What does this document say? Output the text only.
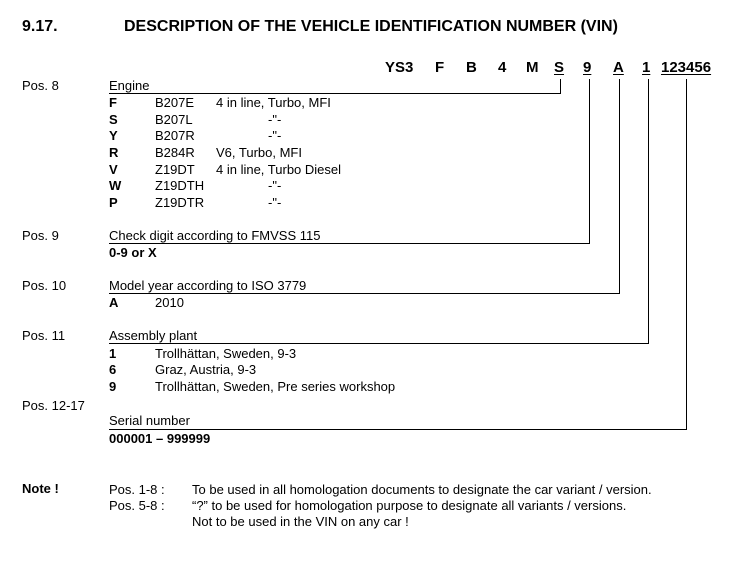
9.17.	DESCRIPTION OF THE VEHICLE IDENTIFICATION NUMBER (VIN)
YS3 F B 4 M S 9 A 1 123456
Pos. 8	Engine
F	B207E 4 in line, Turbo, MFI
S	B207L	-"-
Y	B207R	-"-
R	B284R V6, Turbo, MFI
V	Z19DT 4 in line, Turbo Diesel
W	Z19DTH	-"-
P	Z19DTR	-"-
Pos. 9	Check digit according to FMVSS 115
0-9 or X
Pos. 10	Model year according to ISO 3779
A	2010
Pos. 11	Assembly plant
1	Trollhättan, Sweden, 9-3
6	Graz, Austria, 9-3
9	Trollhättan, Sweden, Pre series workshop
Pos. 12-17
Serial number
000001 – 999999
Note !	Pos. 1-8 : To be used in all homologation documents to designate the car variant / version.
Pos. 5-8 : “?” to be used for homologation purpose to designate all variants / versions.
Not to be used in the VIN on any car !
